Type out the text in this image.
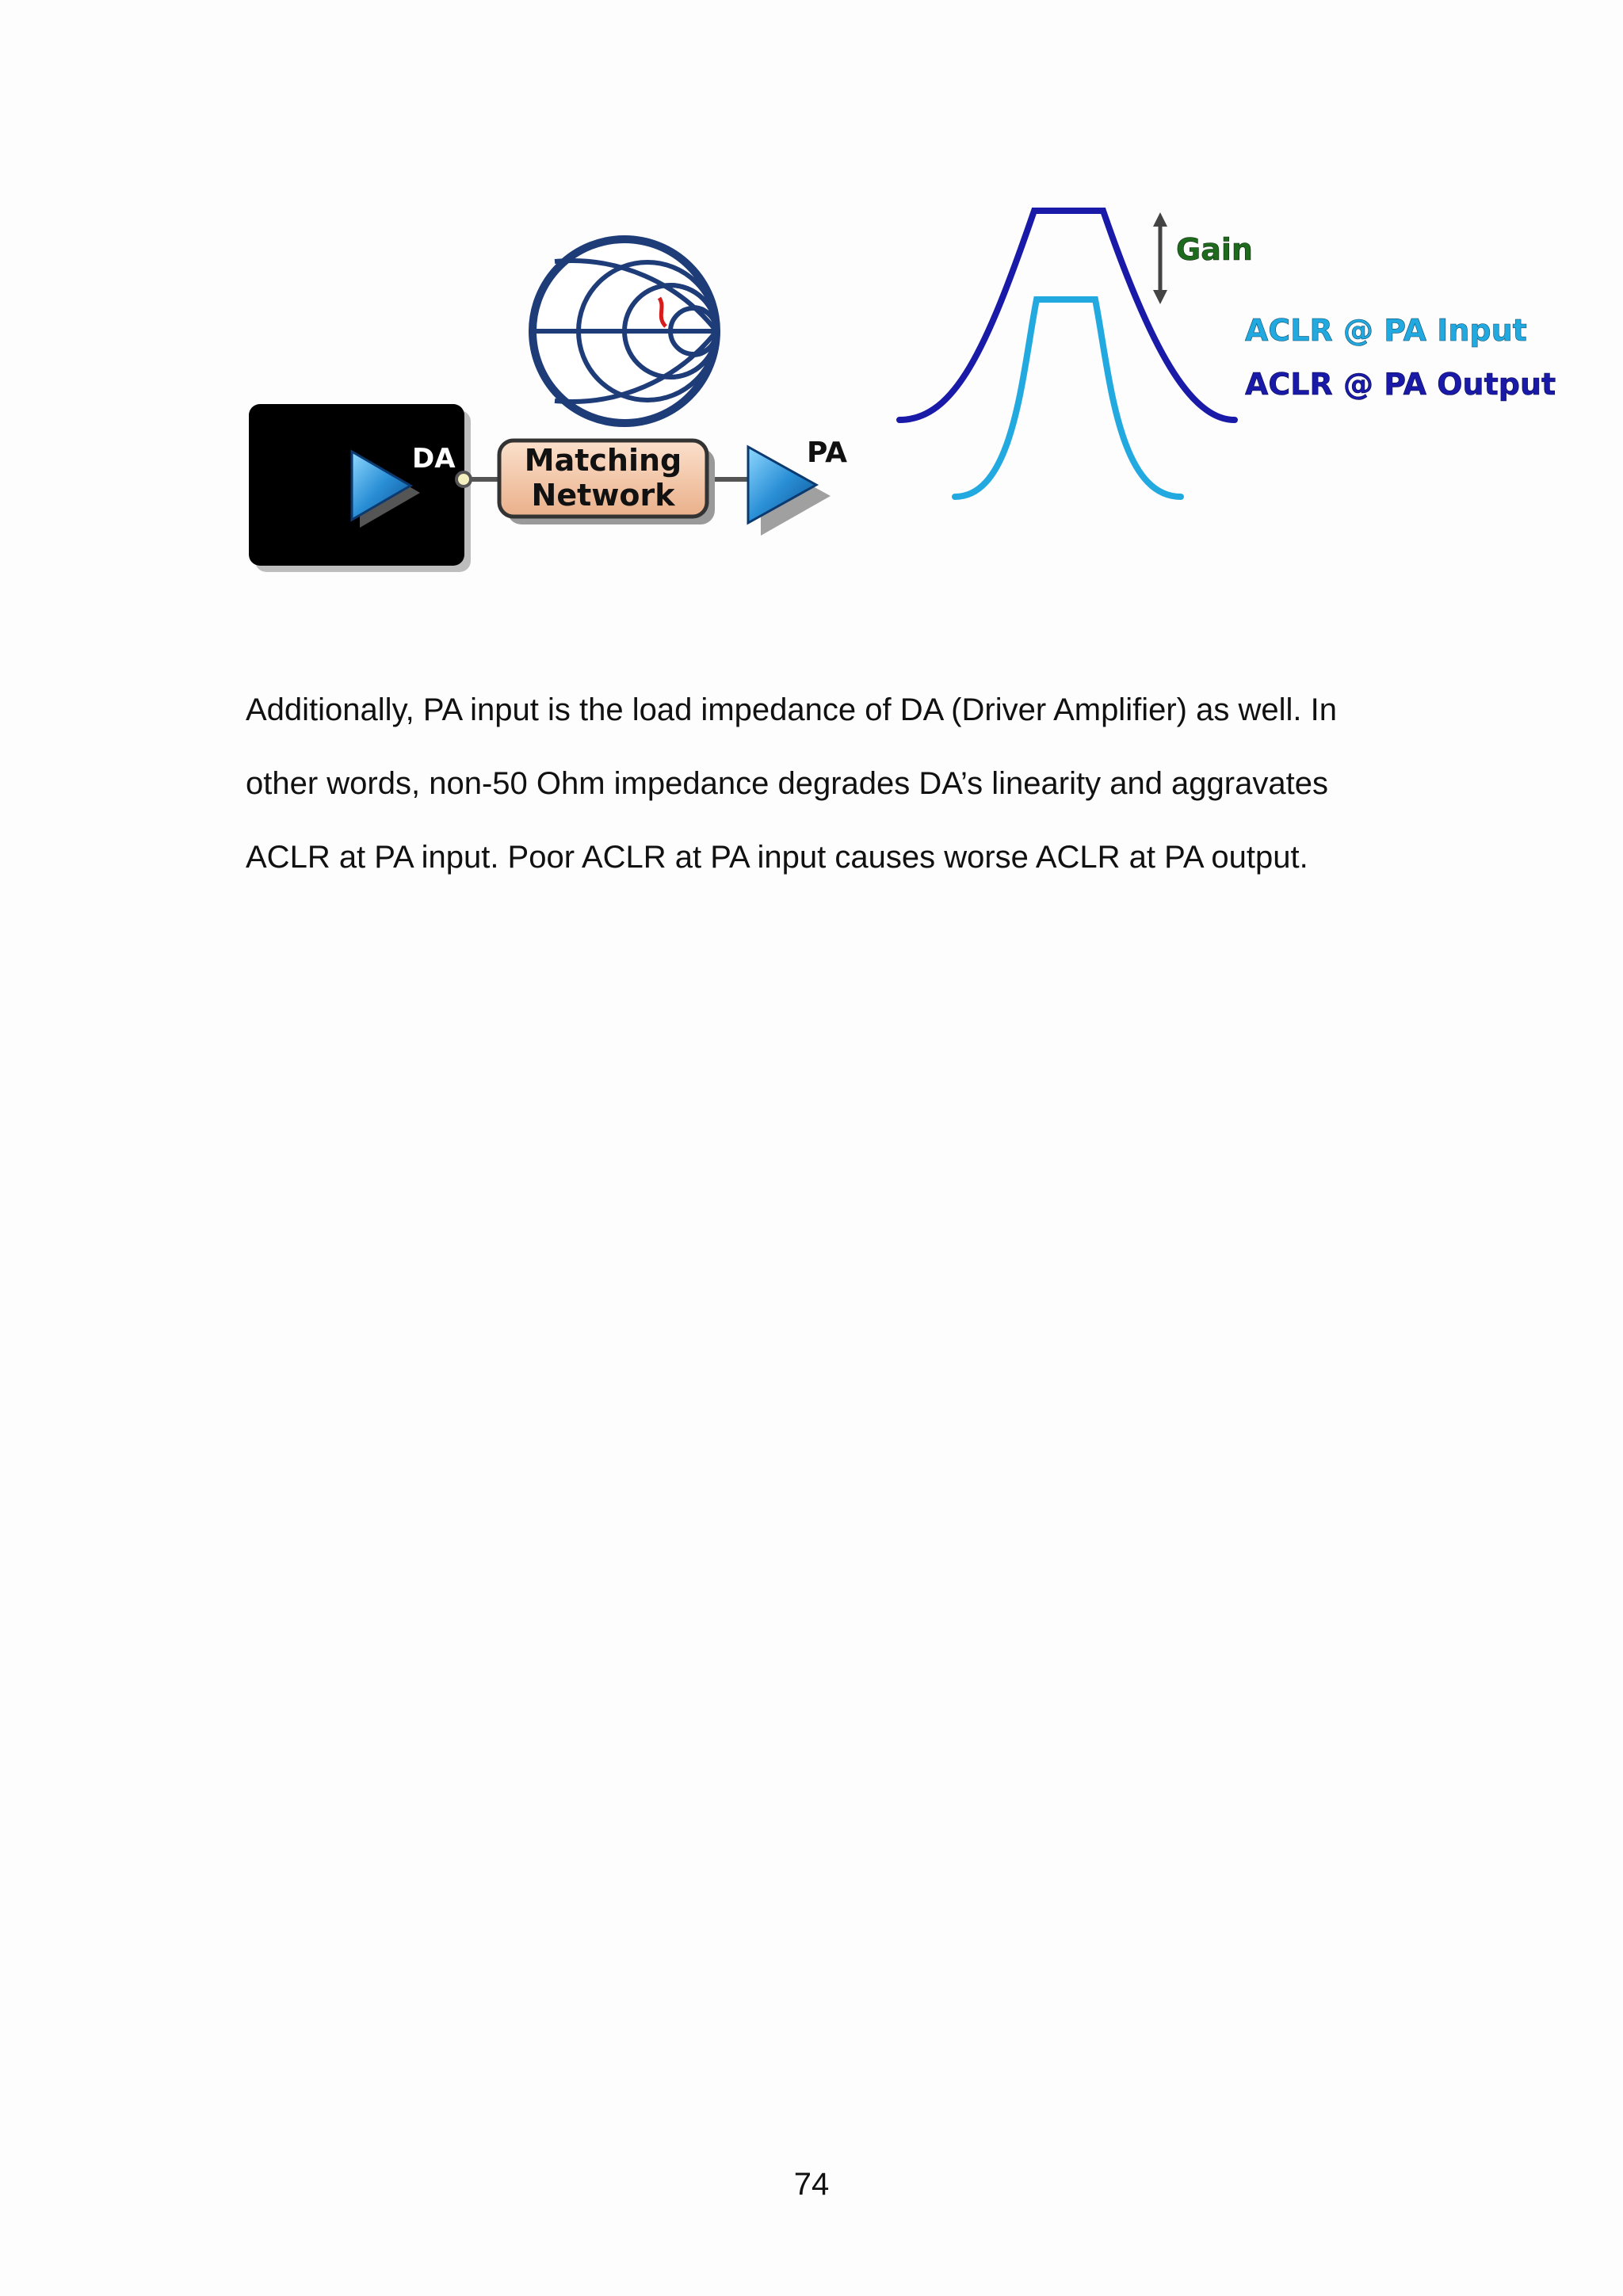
DA Matching
Network
PA
Gain
ACLR @ PA Input
ACLR @ PA Output

Additionally, PA input is the load impedance of DA (Driver Amplifier) as well. In
other words, non-50 Ohm impedance degrades DA’s linearity and aggravates
ACLR at PA input. Poor ACLR at PA input causes worse ACLR at PA output.

74
